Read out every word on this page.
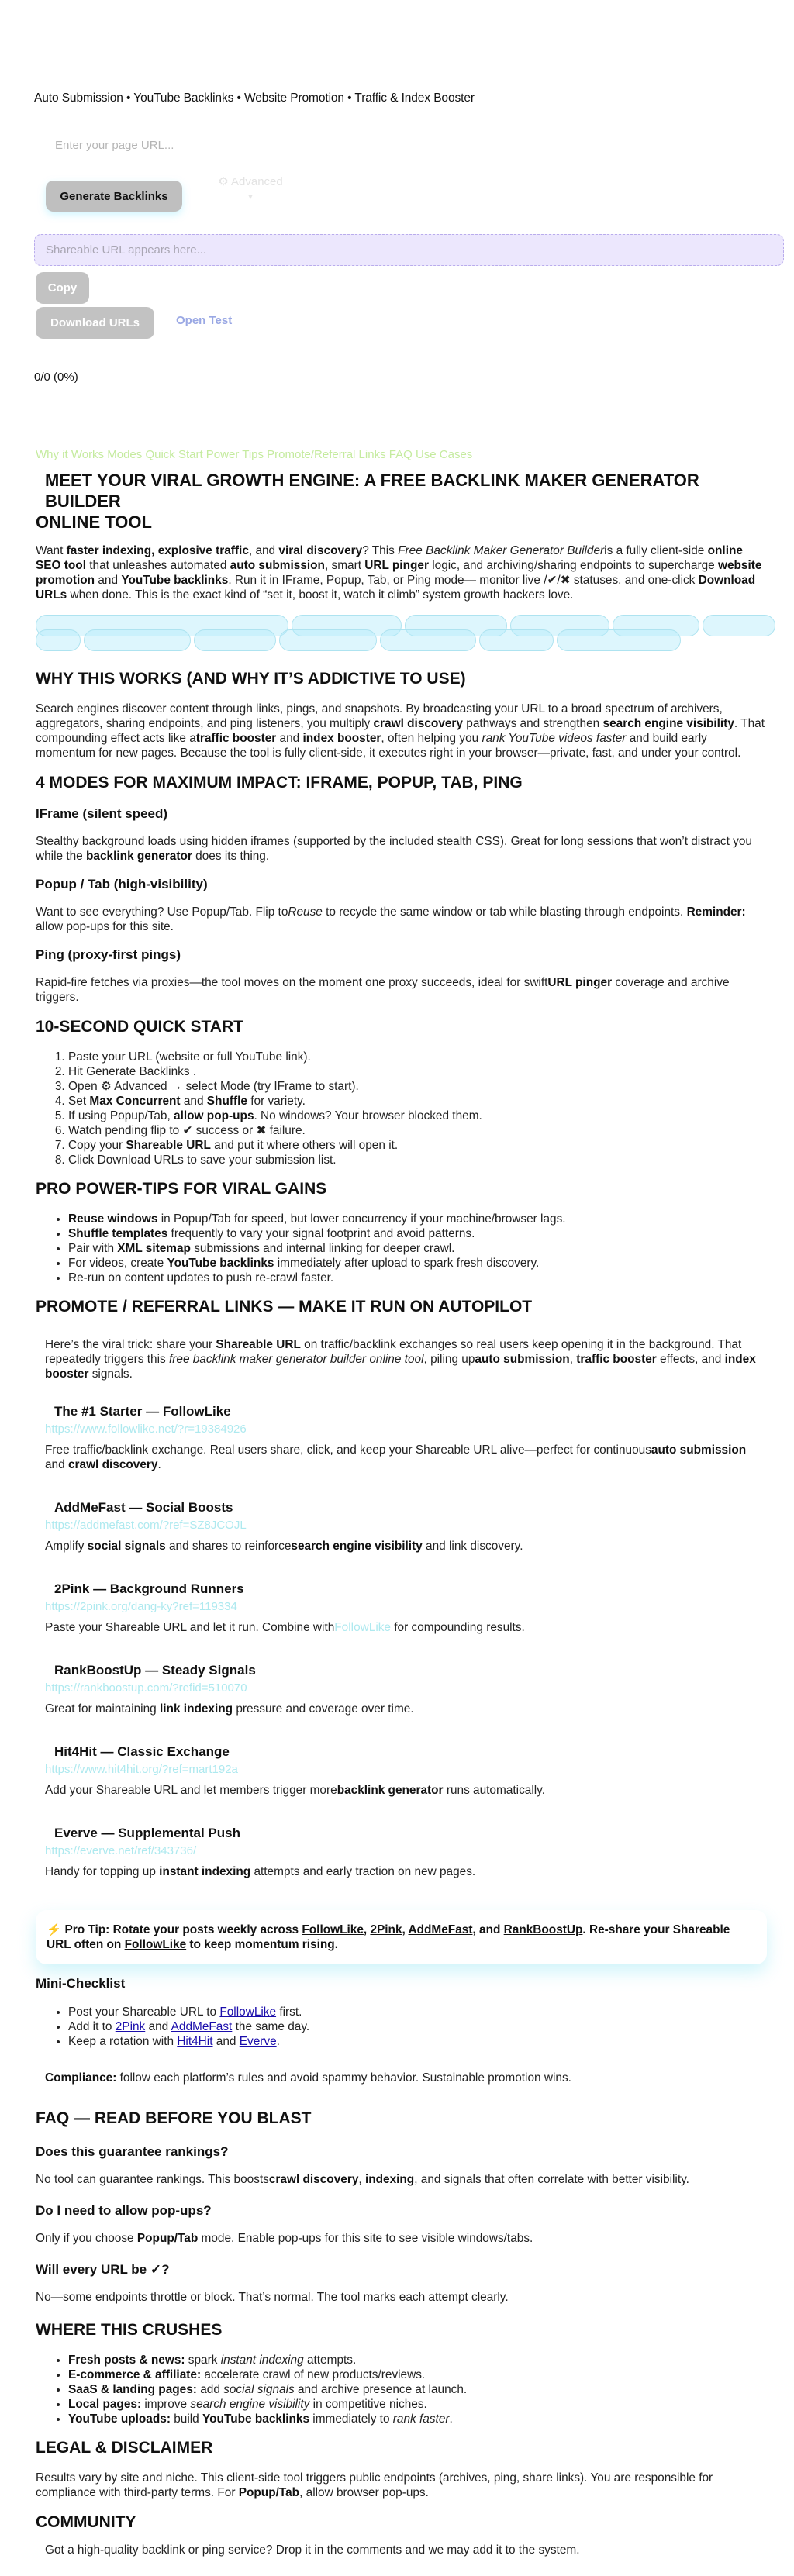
Auto Submission • YouTube Backlinks • Website Promotion • Traffic & Index Booster
Enter your page URL...
Generate Backlinks
⚙ Advanced
▼
Shareable URL appears here...
Copy
Download URLs	Open Test
0/0 (0%)
Why it Works Modes Quick Start Power Tips Promote/Referral Links FAQ Use Cases
MEET YOUR VIRAL GROWTH ENGINE: A FREE BACKLINK MAKER GENERATOR BUILDER
ONLINE TOOL

Want faster indexing, explosive traffic, and viral discovery? This Free Backlink Maker Generator Builderis a fully client-side online SEO tool that unleashes automated auto submission, smart URL pinger logic, and archiving/sharing endpoints to supercharge website promotion and YouTube backlinks. Run it in IFrame, Popup, Tab, or Ping mode— monitor live /✔/✖ statuses, and one-click Download URLs when done. This is the exact kind of “set it, boost it, watch it climb” system growth hackers love.

WHY THIS WORKS (AND WHY IT’S ADDICTIVE TO USE)

Search engines discover content through links, pings, and snapshots. By broadcasting your URL to a broad spectrum of archivers, aggregators, sharing endpoints, and ping listeners, you multiply crawl discovery pathways and strengthen search engine visibility. That compounding effect acts like atraffic booster and index booster, often helping you rank YouTube videos faster and build early momentum for new pages. Because the tool is fully client-side, it executes right in your browser—private, fast, and under your control.

4 MODES FOR MAXIMUM IMPACT: IFRAME, POPUP, TAB, PING
IFrame (silent speed)

Stealthy background loads using hidden iframes (supported by the included stealth CSS). Great for long sessions that won’t distract you while the backlink generator does its thing.

Popup / Tab (high-visibility)

Want to see everything? Use Popup/Tab. Flip toReuse to recycle the same window or tab while blasting through endpoints. Reminder: allow pop-ups for this site.

Ping (proxy-first pings)

Rapid-fire fetches via proxies—the tool moves on the moment one proxy succeeds, ideal for swiftURL pinger coverage and archive triggers.

10-SECOND QUICK START
1. Paste your URL (website or full YouTube link).
2. Hit Generate Backlinks .
3. Open ⚙ Advanced → select Mode (try IFrame to start).
4. Set Max Concurrent and Shuffle for variety.
5. If using Popup/Tab, allow pop-ups. No windows? Your browser blocked them.
6. Watch pending flip to ✔ success or ✖ failure.
7. Copy your Shareable URL and put it where others will open it.
8. Click Download URLs to save your submission list.
PRO POWER-TIPS FOR VIRAL GAINS
• Reuse windows in Popup/Tab for speed, but lower concurrency if your machine/browser lags.
• Shuffle templates frequently to vary your signal footprint and avoid patterns.
• Pair with XML sitemap submissions and internal linking for deeper crawl.
• For videos, create YouTube backlinks immediately after upload to spark fresh discovery.
• Re-run on content updates to push re-crawl faster.
PROMOTE / REFERRAL LINKS — MAKE IT RUN ON AUTOPILOT

Here’s the viral trick: share your Shareable URL on traffic/backlink exchanges so real users keep opening it in the background. That repeatedly triggers this free backlink maker generator builder online tool, piling upauto submission, traffic booster effects, and index booster signals.

The #1 Starter — FollowLike
https://www.followlike.net/?r=19384926
Free traffic/backlink exchange. Real users share, click, and keep your Shareable URL alive—perfect for continuousauto submission and crawl discovery.
AddMeFast — Social Boosts
https://addmefast.com/?ref=SZ8JCOJL
Amplify social signals and shares to reinforcesearch engine visibility and link discovery.
2Pink — Background Runners
https://2pink.org/dang-ky?ref=119334
Paste your Shareable URL and let it run. Combine withFollowLike for compounding results.
RankBoostUp — Steady Signals
https://rankboostup.com/?refid=510070
Great for maintaining link indexing pressure and coverage over time.
Hit4Hit — Classic Exchange
https://www.hit4hit.org/?ref=mart192a
Add your Shareable URL and let members trigger morebacklink generator runs automatically.
Everve — Supplemental Push
https://everve.net/ref/343736/
Handy for topping up instant indexing attempts and early traction on new pages.
⚡ Pro Tip: Rotate your posts weekly across FollowLike, 2Pink, AddMeFast, and RankBoostUp. Re-share your Shareable URL often on FollowLike to keep momentum rising.
Mini-Checklist
• Post your Shareable URL to FollowLike first.
• Add it to 2Pink and AddMeFast the same day.
• Keep a rotation with Hit4Hit and Everve.

Compliance: follow each platform’s rules and avoid spammy behavior. Sustainable promotion wins.

FAQ — READ BEFORE YOU BLAST
Does this guarantee rankings?

No tool can guarantee rankings. This boostscrawl discovery, indexing, and signals that often correlate with better visibility.

Do I need to allow pop-ups?

Only if you choose Popup/Tab mode. Enable pop-ups for this site to see visible windows/tabs.

Will every URL be ✓?

No—some endpoints throttle or block. That’s normal. The tool marks each attempt clearly.

WHERE THIS CRUSHES
• Fresh posts & news: spark instant indexing attempts.
• E-commerce & affiliate: accelerate crawl of new products/reviews.
• SaaS & landing pages: add social signals and archive presence at launch.
• Local pages: improve search engine visibility in competitive niches.
• YouTube uploads: build YouTube backlinks immediately to rank faster.
LEGAL & DISCLAIMER

Results vary by site and niche. This client-side tool triggers public endpoints (archives, ping, share links). You are responsible for compliance with third-party terms. For Popup/Tab, allow browser pop-ups.

COMMUNITY

Got a high-quality backlink or ping service? Drop it in the comments and we may add it to the system.
